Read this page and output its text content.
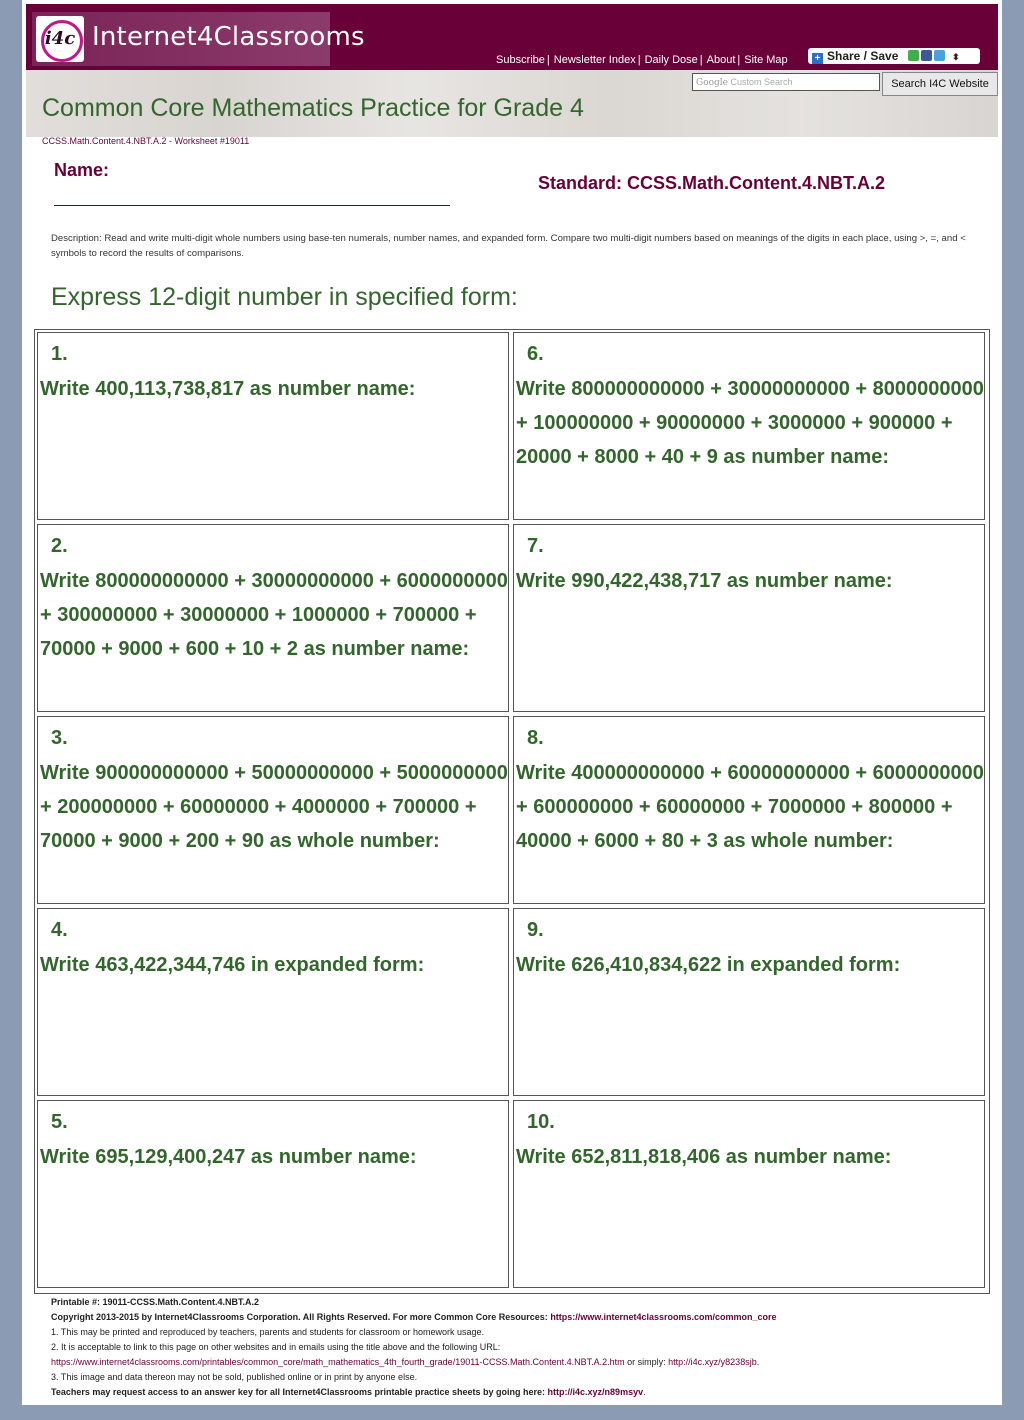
i4c Internet4Classrooms
Subscribe | Newsletter Index | Daily Dose | About | Site Map	+ Share / Save	⬍
Google Custom Search	Search I4C Website
Common Core Mathematics Practice for Grade 4
CCSS.Math.Content.4.NBT.A.2 - Worksheet #19011
Name:
Standard: CCSS.Math.Content.4.NBT.A.2
Description: Read and write multi-digit whole numbers using base-ten numerals, number names, and expanded form. Compare two multi-digit numbers based on meanings of the digits in each place, using >, =, and < symbols to record the results of comparisons.
Express 12-digit number in specified form:
1.
Write 400,113,738,817 as number name:
2.
Write 800000000000 + 30000000000 + 6000000000 + 300000000 + 30000000 + 1000000 + 700000 + 70000 + 9000 + 600 + 10 + 2 as number name:
3.
Write 900000000000 + 50000000000 + 5000000000 + 200000000 + 60000000 + 4000000 + 700000 + 70000 + 9000 + 200 + 90 as whole number:
4.
Write 463,422,344,746 in expanded form:
5.
Write 695,129,400,247 as number name:
6.
Write 800000000000 + 30000000000 + 8000000000 + 100000000 + 90000000 + 3000000 + 900000 + 20000 + 8000 + 40 + 9 as number name:
7.
Write 990,422,438,717 as number name:
8.
Write 400000000000 + 60000000000 + 6000000000 + 600000000 + 60000000 + 7000000 + 800000 + 40000 + 6000 + 80 + 3 as whole number:
9.
Write 626,410,834,622 in expanded form:
10.
Write 652,811,818,406 as number name:
Printable #: 19011-CCSS.Math.Content.4.NBT.A.2
Copyright 2013-2015 by Internet4Classrooms Corporation. All Rights Reserved. For more Common Core Resources: https://www.internet4classrooms.com/common_core
1. This may be printed and reproduced by teachers, parents and students for classroom or homework usage.
2. It is acceptable to link to this page on other websites and in emails using the title above and the following URL:
https://www.internet4classrooms.com/printables/common_core/math_mathematics_4th_fourth_grade/19011-CCSS.Math.Content.4.NBT.A.2.htm or simply: http://i4c.xyz/y8238sjb.
3. This image and data thereon may not be sold, published online or in print by anyone else.
Teachers may request access to an answer key for all Internet4Classrooms printable practice sheets by going here: http://i4c.xyz/n89msyv.
